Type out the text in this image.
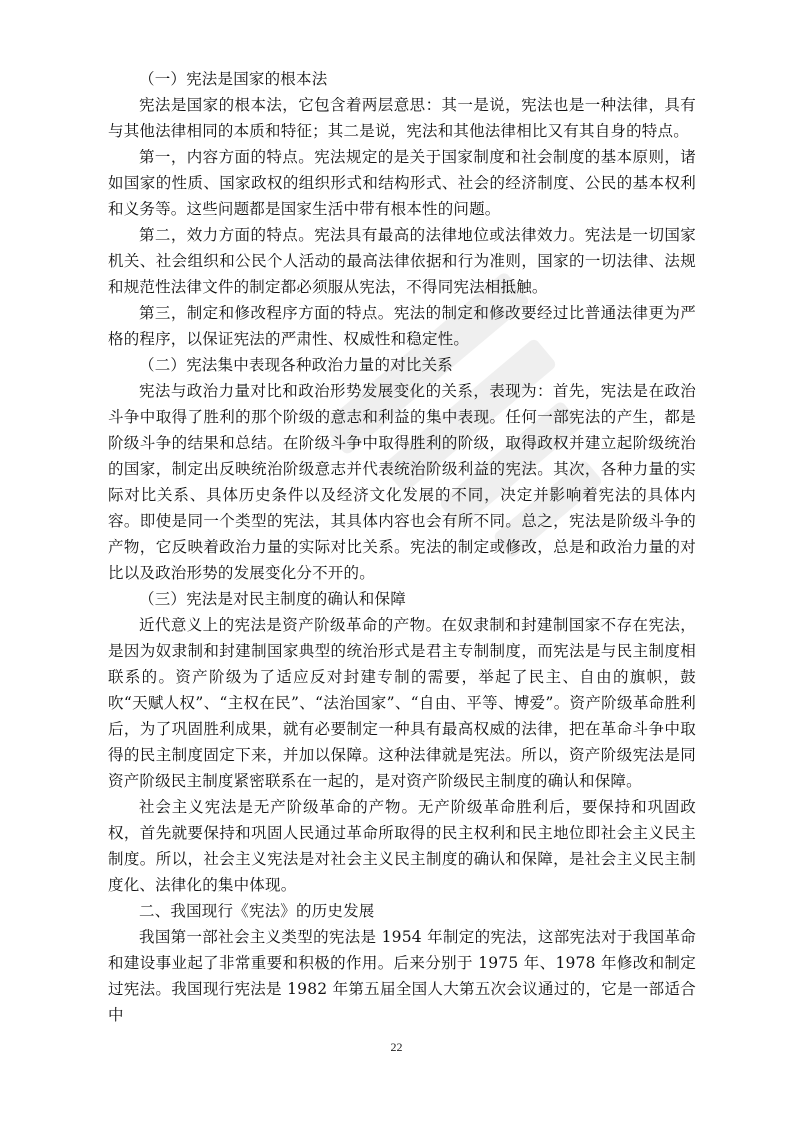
（一）宪法是国家的根本法

宪法是国家的根本法，它包含着两层意思：其一是说，宪法也是一种法律，具有与其他法律相同的本质和特征；其二是说，宪法和其他法律相比又有其自身的特点。

第一，内容方面的特点。宪法规定的是关于国家制度和社会制度的基本原则，诸如国家的性质、国家政权的组织形式和结构形式、社会的经济制度、公民的基本权利和义务等。这些问题都是国家生活中带有根本性的问题。

第二，效力方面的特点。宪法具有最高的法律地位或法律效力。宪法是一切国家机关、社会组织和公民个人活动的最高法律依据和行为准则，国家的一切法律、法规和规范性法律文件的制定都必须服从宪法，不得同宪法相抵触。

第三，制定和修改程序方面的特点。宪法的制定和修改要经过比普通法律更为严格的程序，以保证宪法的严肃性、权威性和稳定性。

（二）宪法集中表现各种政治力量的对比关系

宪法与政治力量对比和政治形势发展变化的关系，表现为：首先，宪法是在政治斗争中取得了胜利的那个阶级的意志和利益的集中表现。任何一部宪法的产生，都是阶级斗争的结果和总结。在阶级斗争中取得胜利的阶级，取得政权并建立起阶级统治的国家，制定出反映统治阶级意志并代表统治阶级利益的宪法。其次，各种力量的实际对比关系、具体历史条件以及经济文化发展的不同，决定并影响着宪法的具体内容。即使是同一个类型的宪法，其具体内容也会有所不同。总之，宪法是阶级斗争的产物，它反映着政治力量的实际对比关系。宪法的制定或修改，总是和政治力量的对比以及政治形势的发展变化分不开的。

（三）宪法是对民主制度的确认和保障

近代意义上的宪法是资产阶级革命的产物。在奴隶制和封建制国家不存在宪法，是因为奴隶制和封建制国家典型的统治形式是君主专制制度，而宪法是与民主制度相联系的。资产阶级为了适应反对封建专制的需要，举起了民主、自由的旗帜，鼓吹“天赋人权”、“主权在民”、“法治国家”、“自由、平等、博爱”。资产阶级革命胜利后，为了巩固胜利成果，就有必要制定一种具有最高权威的法律，把在革命斗争中取得的民主制度固定下来，并加以保障。这种法律就是宪法。所以，资产阶级宪法是同资产阶级民主制度紧密联系在一起的，是对资产阶级民主制度的确认和保障。

社会主义宪法是无产阶级革命的产物。无产阶级革命胜利后，要保持和巩固政权，首先就要保持和巩固人民通过革命所取得的民主权利和民主地位即社会主义民主制度。所以，社会主义宪法是对社会主义民主制度的确认和保障，是社会主义民主制度化、法律化的集中体现。

二、我国现行《宪法》的历史发展

我国第一部社会主义类型的宪法是 1954 年制定的宪法，这部宪法对于我国革命和建设事业起了非常重要和积极的作用。后来分别于 1975 年、1978 年修改和制定过宪法。我国现行宪法是 1982 年第五届全国人大第五次会议通过的，它是一部适合中

22
